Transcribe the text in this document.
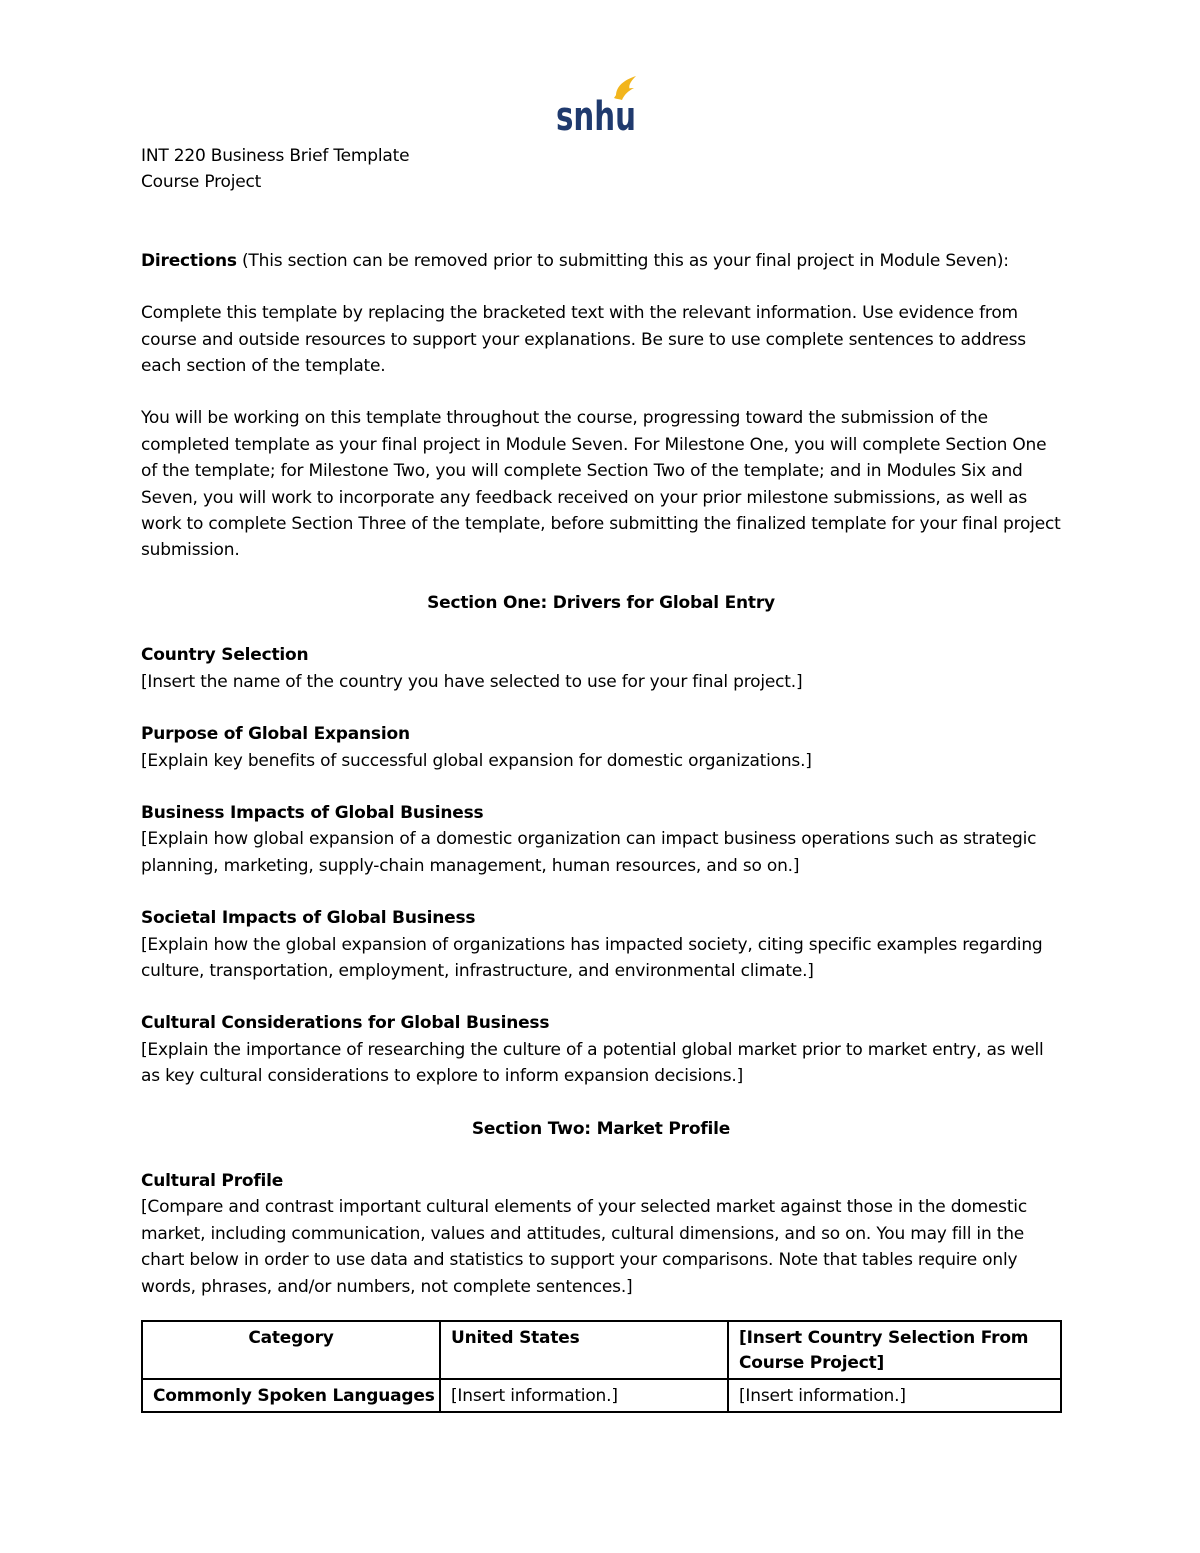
snhu

INT 220 Business Brief Template

Course Project

Directions (This section can be removed prior to submitting this as your final project in Module Seven):

Complete this template by replacing the bracketed text with the relevant information. Use evidence from course and outside resources to support your explanations. Be sure to use complete sentences to address each section of the template.

You will be working on this template throughout the course, progressing toward the submission of the completed template as your final project in Module Seven. For Milestone One, you will complete Section One of the template; for Milestone Two, you will complete Section Two of the template; and in Modules Six and Seven, you will work to incorporate any feedback received on your prior milestone submissions, as well as work to complete Section Three of the template, before submitting the finalized template for your final project submission.

Section One: Drivers for Global Entry

Country Selection

[Insert the name of the country you have selected to use for your final project.]

Purpose of Global Expansion

[Explain key benefits of successful global expansion for domestic organizations.]

Business Impacts of Global Business

[Explain how global expansion of a domestic organization can impact business operations such as strategic planning, marketing, supply-chain management, human resources, and so on.]

Societal Impacts of Global Business

[Explain how the global expansion of organizations has impacted society, citing specific examples regarding culture, transportation, employment, infrastructure, and environmental climate.]

Cultural Considerations for Global Business

[Explain the importance of researching the culture of a potential global market prior to market entry, as well as key cultural considerations to explore to inform expansion decisions.]

Section Two: Market Profile

Cultural Profile

[Compare and contrast important cultural elements of your selected market against those in the domestic market, including communication, values and attitudes, cultural dimensions, and so on. You may fill in the chart below in order to use data and statistics to support your comparisons. Note that tables require only words, phrases, and/or numbers, not complete sentences.]

Category	United States	[Insert Country Selection From Course Project]
Commonly Spoken Languages	[Insert information.]	[Insert information.]
